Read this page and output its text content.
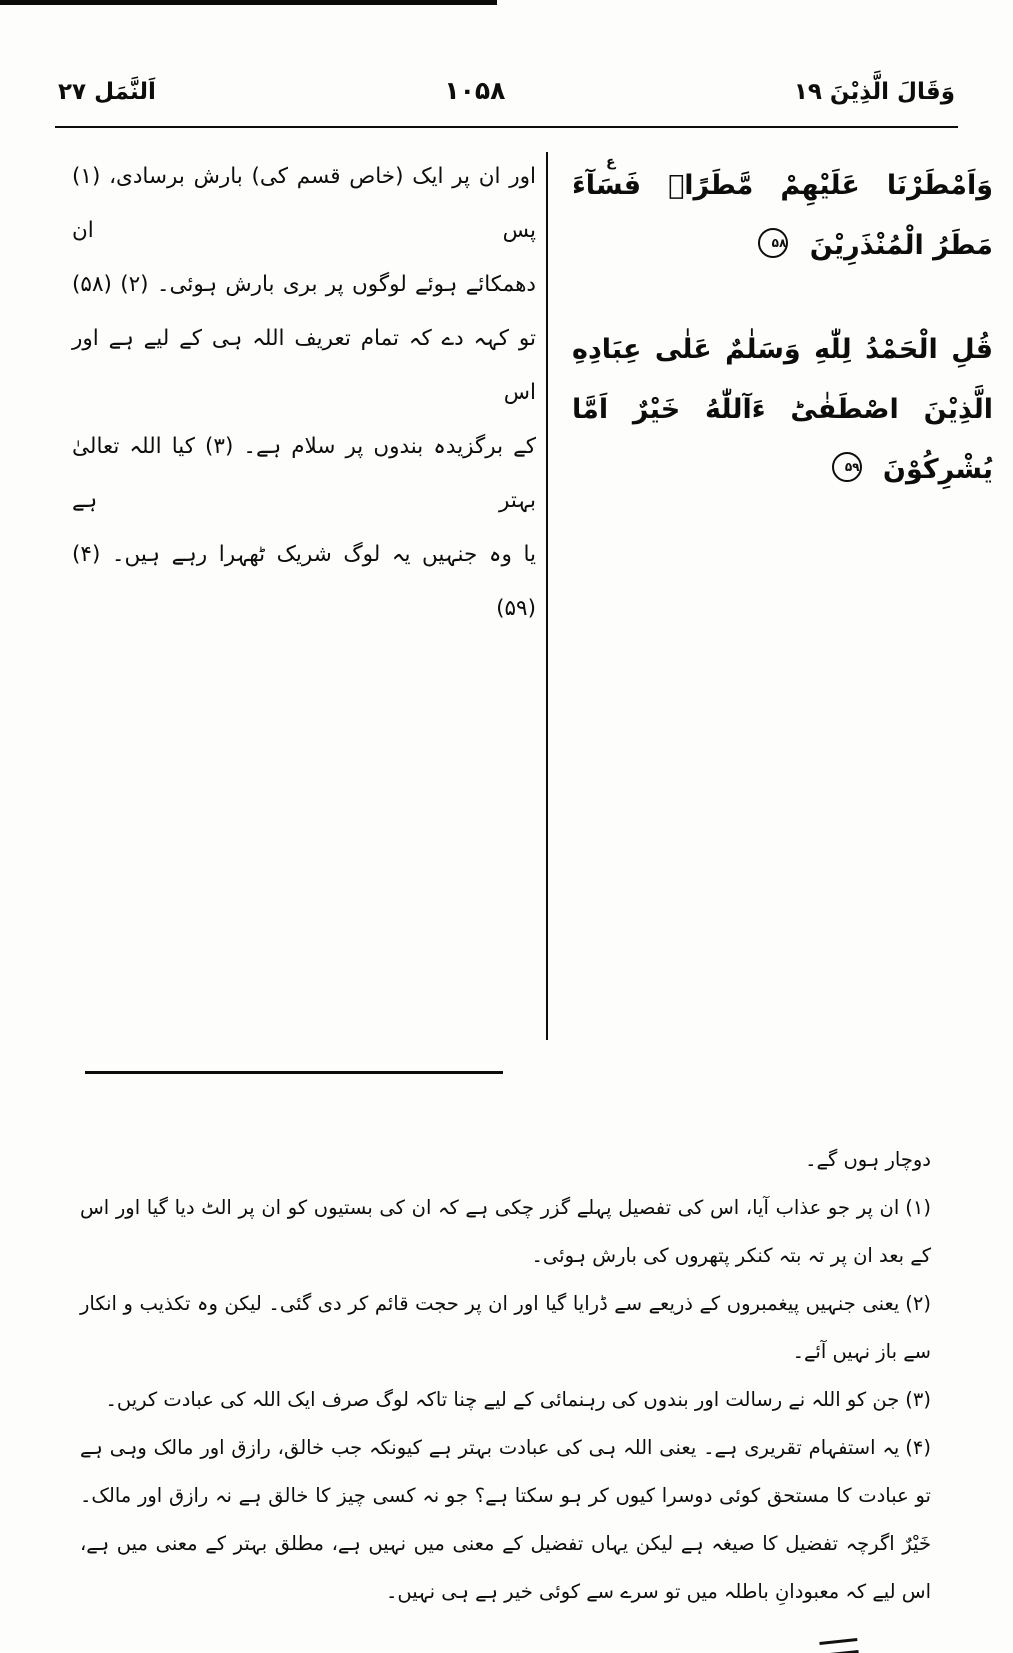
اَلنَّمَل ۲۷	۱۰۵۸	وَقَالَ الَّذِيْنَ ۱۹
ع
وَاَمْطَرْنَا عَلَيْهِمْ مَّطَرًاۚ فَسَآءَ مَطَرُ الْمُنْذَرِيْنَ ۵۸
قُلِ الْحَمْدُ لِلّٰهِ وَسَلٰمٌ عَلٰى عِبَادِهِ الَّذِيْنَ اصْطَفٰىؕ ءَآللّٰهُ خَيْرٌ اَمَّا يُشْرِكُوْنَ ۵۹
اور ان پر ایک (خاص قسم کی) بارش برسادی، (۱) پس ان
دھمکائے ہوئے لوگوں پر بری بارش ہوئی۔ (۲) (۵۸)
تو کہہ دے کہ تمام تعریف اللہ ہی کے لیے ہے اور اس
کے برگزیدہ بندوں پر سلام ہے۔ (۳) کیا اللہ تعالیٰ بہتر ہے
یا وہ جنہیں یہ لوگ شریک ٹھہرا رہے ہیں۔ (۴) (۵۹)

دوچار ہوں گے۔

(۱)ان پر جو عذاب آیا، اس کی تفصیل پہلے گزر چکی ہے کہ ان کی بستیوں کو ان پر الٹ دیا گیا اور اس کے بعد ان پر تہ بتہ کنکر پتھروں کی بارش ہوئی۔

(۲)یعنی جنہیں پیغمبروں کے ذریعے سے ڈرایا گیا اور ان پر حجت قائم کر دی گئی۔ لیکن وہ تکذیب و انکار سے باز نہیں آئے۔

(۳)جن کو اللہ نے رسالت اور بندوں کی رہنمائی کے لیے چنا تاکہ لوگ صرف ایک اللہ کی عبادت کریں۔

(۴)یہ استفہام تقریری ہے۔ یعنی اللہ ہی کی عبادت بہتر ہے کیونکہ جب خالق، رازق اور مالک وہی ہے تو عبادت کا مستحق کوئی دوسرا کیوں کر ہو سکتا ہے؟ جو نہ کسی چیز کا خالق ہے نہ رازق اور مالک۔ خَيْرٌ اگرچہ تفضیل کا صیغہ ہے لیکن یہاں تفضیل کے معنی میں نہیں ہے، مطلق بہتر کے معنی میں ہے، اس لیے کہ معبودانِ باطلہ میں تو سرے سے کوئی خیر ہے ہی نہیں۔
